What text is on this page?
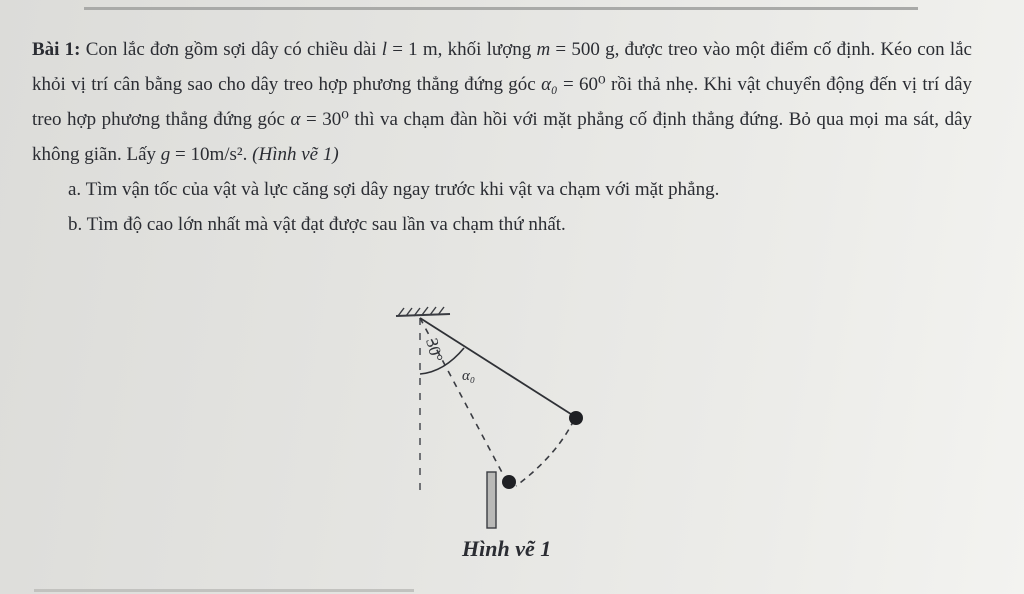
Bài 1: Con lắc đơn gồm sợi dây có chiều dài l = 1 m, khối lượng m = 500 g, được treo vào một điểm cố định. Kéo con lắc khỏi vị trí cân bằng sao cho dây treo hợp phương thẳng đứng góc α₀ = 60⁰ rồi thả nhẹ. Khi vật chuyển động đến vị trí dây treo hợp phương thẳng đứng góc α = 30⁰ thì va chạm đàn hồi với mặt phẳng cố định thẳng đứng. Bỏ qua mọi ma sát, dây không giãn. Lấy g = 10m/s². (Hình vẽ 1)

a. Tìm vận tốc của vật và lực căng sợi dây ngay trước khi vật va chạm với mặt phẳng.
b. Tìm độ cao lớn nhất mà vật đạt được sau lần va chạm thứ nhất.
30°
α₀
Hình vẽ 1
